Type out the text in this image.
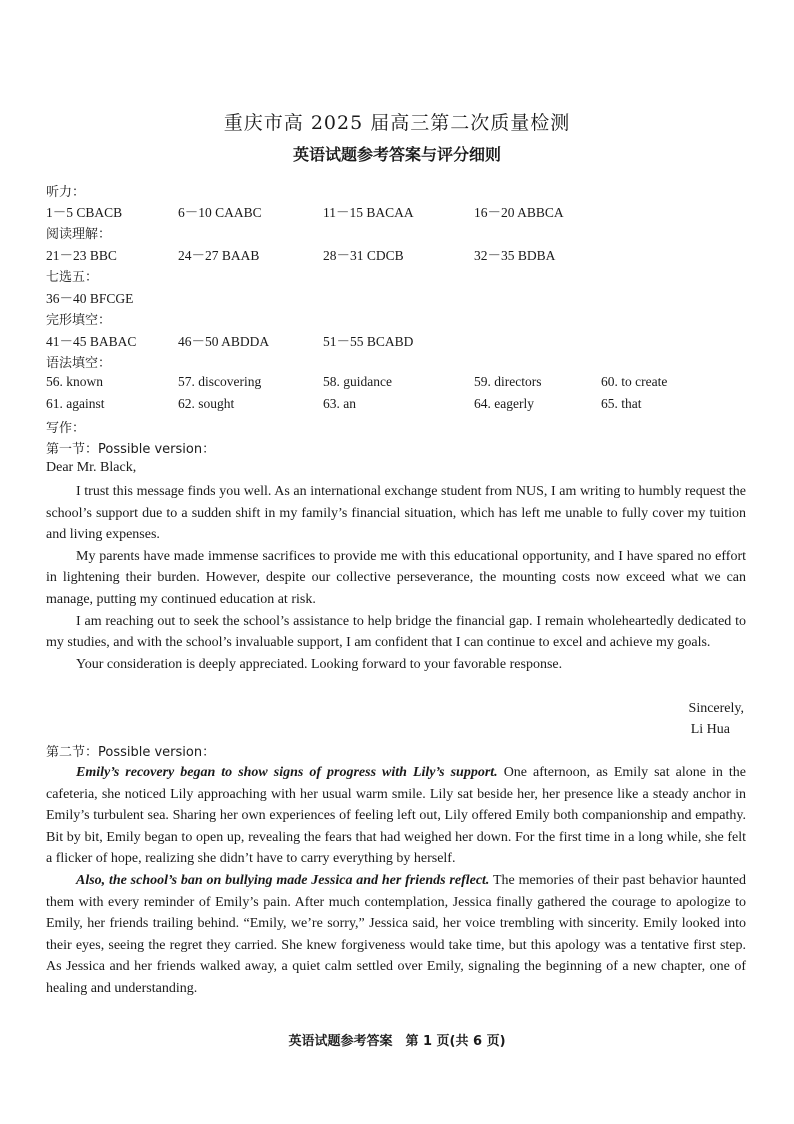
重庆市高 2025 届高三第二次质量检测
英语试题参考答案与评分细则
听力：
1－5 CBACB	6－10 CAABC	11－15 BACAA	16－20 ABBCA
阅读理解：
21－23 BBC	24－27 BAAB	28－31 CDCB	32－35 BDBA
七选五：
36－40 BFCGE
完形填空：
41－45 BABAC	46－50 ABDDA	51－55 BCABD
语法填空：
56. known	57. discovering	58. guidance	59. directors	60. to create
61. against	62. sought	63. an	64. eagerly	65. that
写作：
第一节：Possible version：
Dear Mr. Black,

I trust this message finds you well. As an international exchange student from NUS, I am writing to humbly request the school’s support due to a sudden shift in my family’s financial situation, which has left me unable to fully cover my tuition and living expenses.

My parents have made immense sacrifices to provide me with this educational opportunity, and I have spared no effort in lightening their burden. However, despite our collective perseverance, the mounting costs now exceed what we can manage, putting my continued education at risk.

I am reaching out to seek the school’s assistance to help bridge the financial gap. I remain wholeheartedly dedicated to my studies, and with the school’s invaluable support, I am confident that I can continue to excel and achieve my goals.

Your consideration is deeply appreciated. Looking forward to your favorable response.

Sincerely,
Li Hua
第二节：Possible version：

Emily’s recovery began to show signs of progress with Lily’s support. One afternoon, as Emily sat alone in the cafeteria, she noticed Lily approaching with her usual warm smile. Lily sat beside her, her presence like a steady anchor in Emily’s turbulent sea. Sharing her own experiences of feeling left out, Lily offered Emily both companionship and empathy. Bit by bit, Emily began to open up, revealing the fears that had weighed her down. For the first time in a long while, she felt a flicker of hope, realizing she didn’t have to carry everything by herself.

Also, the school’s ban on bullying made Jessica and her friends reflect. The memories of their past behavior haunted them with every reminder of Emily’s pain. After much contemplation, Jessica finally gathered the courage to apologize to Emily, her friends trailing behind. “Emily, we’re sorry,” Jessica said, her voice trembling with sincerity. Emily looked into their eyes, seeing the regret they carried. She knew forgiveness would take time, but this apology was a tentative first step. As Jessica and her friends walked away, a quiet calm settled over Emily, signaling the beginning of a new chapter, one of healing and understanding.

英语试题参考答案　第 1 页(共 6 页)
